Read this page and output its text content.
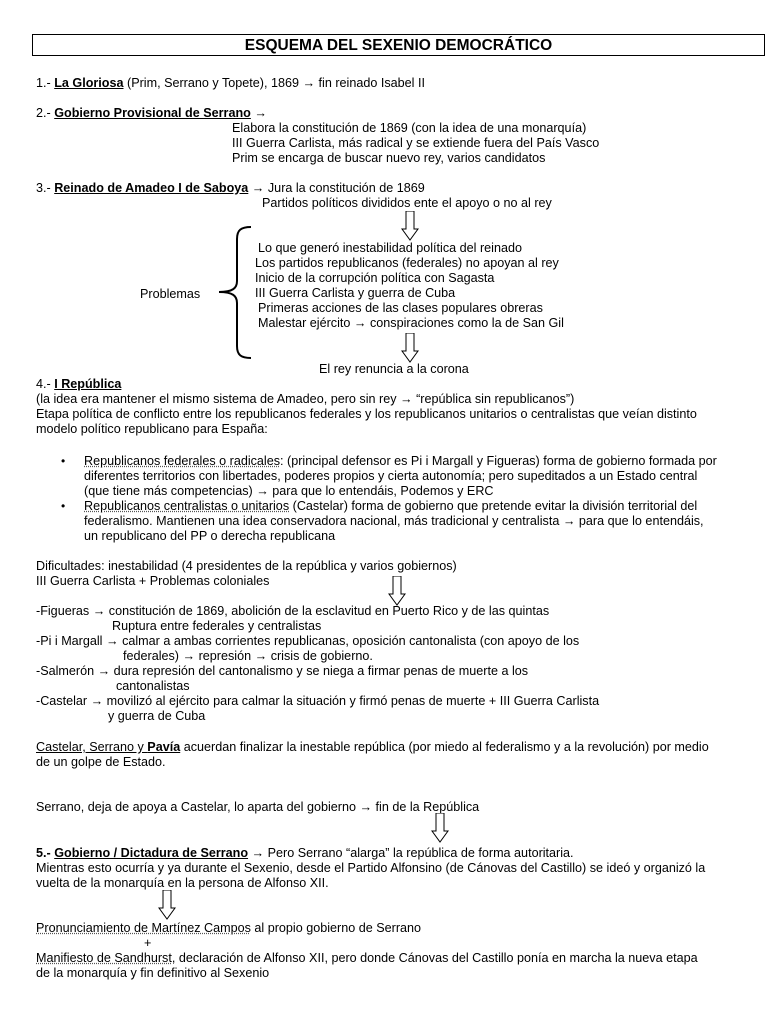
ESQUEMA DEL SEXENIO DEMOCRÁTICO
1.- La Gloriosa (Prim, Serrano y Topete), 1869 → fin reinado Isabel II
2.- Gobierno Provisional de Serrano →
Elabora la constitución de 1869 (con la idea de una monarquía)
III Guerra Carlista, más radical y se extiende fuera del País Vasco
Prim se encarga de buscar nuevo rey, varios candidatos
3.- Reinado de Amadeo I de Saboya → Jura la constitución de 1869
Partidos políticos divididos ente el apoyo o no al rey
Problemas
Lo que generó inestabilidad política del reinado
Los partidos republicanos (federales) no apoyan al rey
Inicio de la corrupción política con Sagasta
III Guerra Carlista y guerra de Cuba
Primeras acciones de las clases populares obreras
Malestar ejército → conspiraciones como la de San Gil
El rey renuncia a la corona
4.- I República
(la idea era mantener el mismo sistema de Amadeo, pero sin rey → “república sin republicanos”)
Etapa política de conflicto entre los republicanos federales y los republicanos unitarios o centralistas que veían distinto
modelo político republicano para España:
• Republicanos federales o radicales: (principal defensor es Pi i Margall y Figueras) forma de gobierno formada por
diferentes territorios con libertades, poderes propios y cierta autonomía; pero supeditados a un Estado central
(que tiene más competencias) → para que lo entendáis, Podemos y ERC
• Republicanos centralistas o unitarios (Castelar) forma de gobierno que pretende evitar la división territorial del
federalismo. Mantienen una idea conservadora nacional, más tradicional y centralista → para que lo entendáis,
un republicano del PP o derecha republicana
Dificultades: inestabilidad (4 presidentes de la república y varios gobiernos)
III Guerra Carlista + Problemas coloniales
-Figueras → constitución de 1869, abolición de la esclavitud en Puerto Rico y de las quintas
Ruptura entre federales y centralistas
-Pi i Margall → calmar a ambas corrientes republicanas, oposición cantonalista (con apoyo de los
federales) → represión → crisis de gobierno.
-Salmerón → dura represión del cantonalismo y se niega a firmar penas de muerte a los
cantonalistas
-Castelar → movilizó al ejército para calmar la situación y firmó penas de muerte + III Guerra Carlista
y guerra de Cuba
Castelar, Serrano y Pavía acuerdan finalizar la inestable república (por miedo al federalismo y a la revolución) por medio
de un golpe de Estado.
Serrano, deja de apoya a Castelar, lo aparta del gobierno → fin de la República
5.- Gobierno / Dictadura de Serrano → Pero Serrano “alarga” la república de forma autoritaria.
Mientras esto ocurría y ya durante el Sexenio, desde el Partido Alfonsino (de Cánovas del Castillo) se ideó y organizó la
vuelta de la monarquía en la persona de Alfonso XII.
Pronunciamiento de Martínez Campos al propio gobierno de Serrano
+
Manifiesto de Sandhurst, declaración de Alfonso XII, pero donde Cánovas del Castillo ponía en marcha la nueva etapa
de la monarquía y fin definitivo al Sexenio
